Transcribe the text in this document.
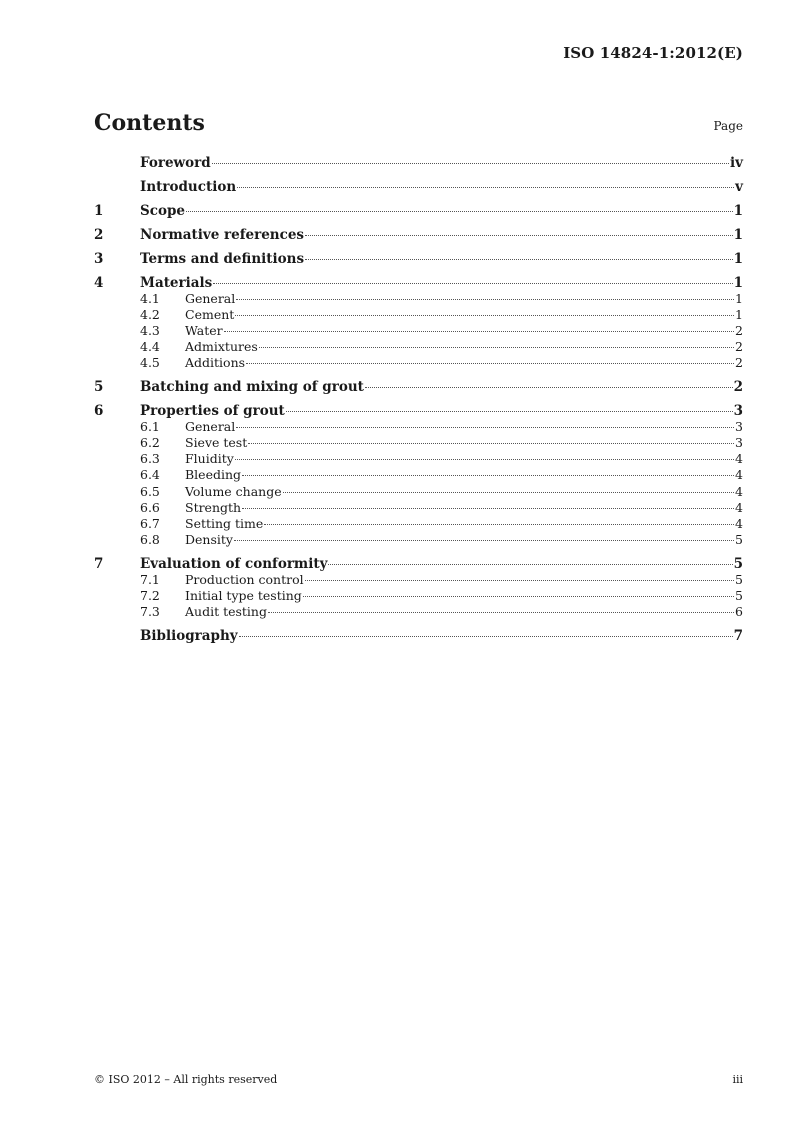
ISO 14824-1:2012(E)
Contents	Page
Foreword	iv
Introduction	v
1	Scope	1
2	Normative references	1
3	Terms and definitions	1
4	Materials	1
4.1	General	1
4.2	Cement	1
4.3	Water	2
4.4	Admixtures	2
4.5	Additions	2
5	Batching and mixing of grout	2
6	Properties of grout	3
6.1	General	3
6.2	Sieve test	3
6.3	Fluidity	4
6.4	Bleeding	4
6.5	Volume change	4
6.6	Strength	4
6.7	Setting time	4
6.8	Density	5
7	Evaluation of conformity	5
7.1	Production control	5
7.2	Initial type testing	5
7.3	Audit testing	6
Bibliography	7
© ISO 2012 – All rights reserved	iii
